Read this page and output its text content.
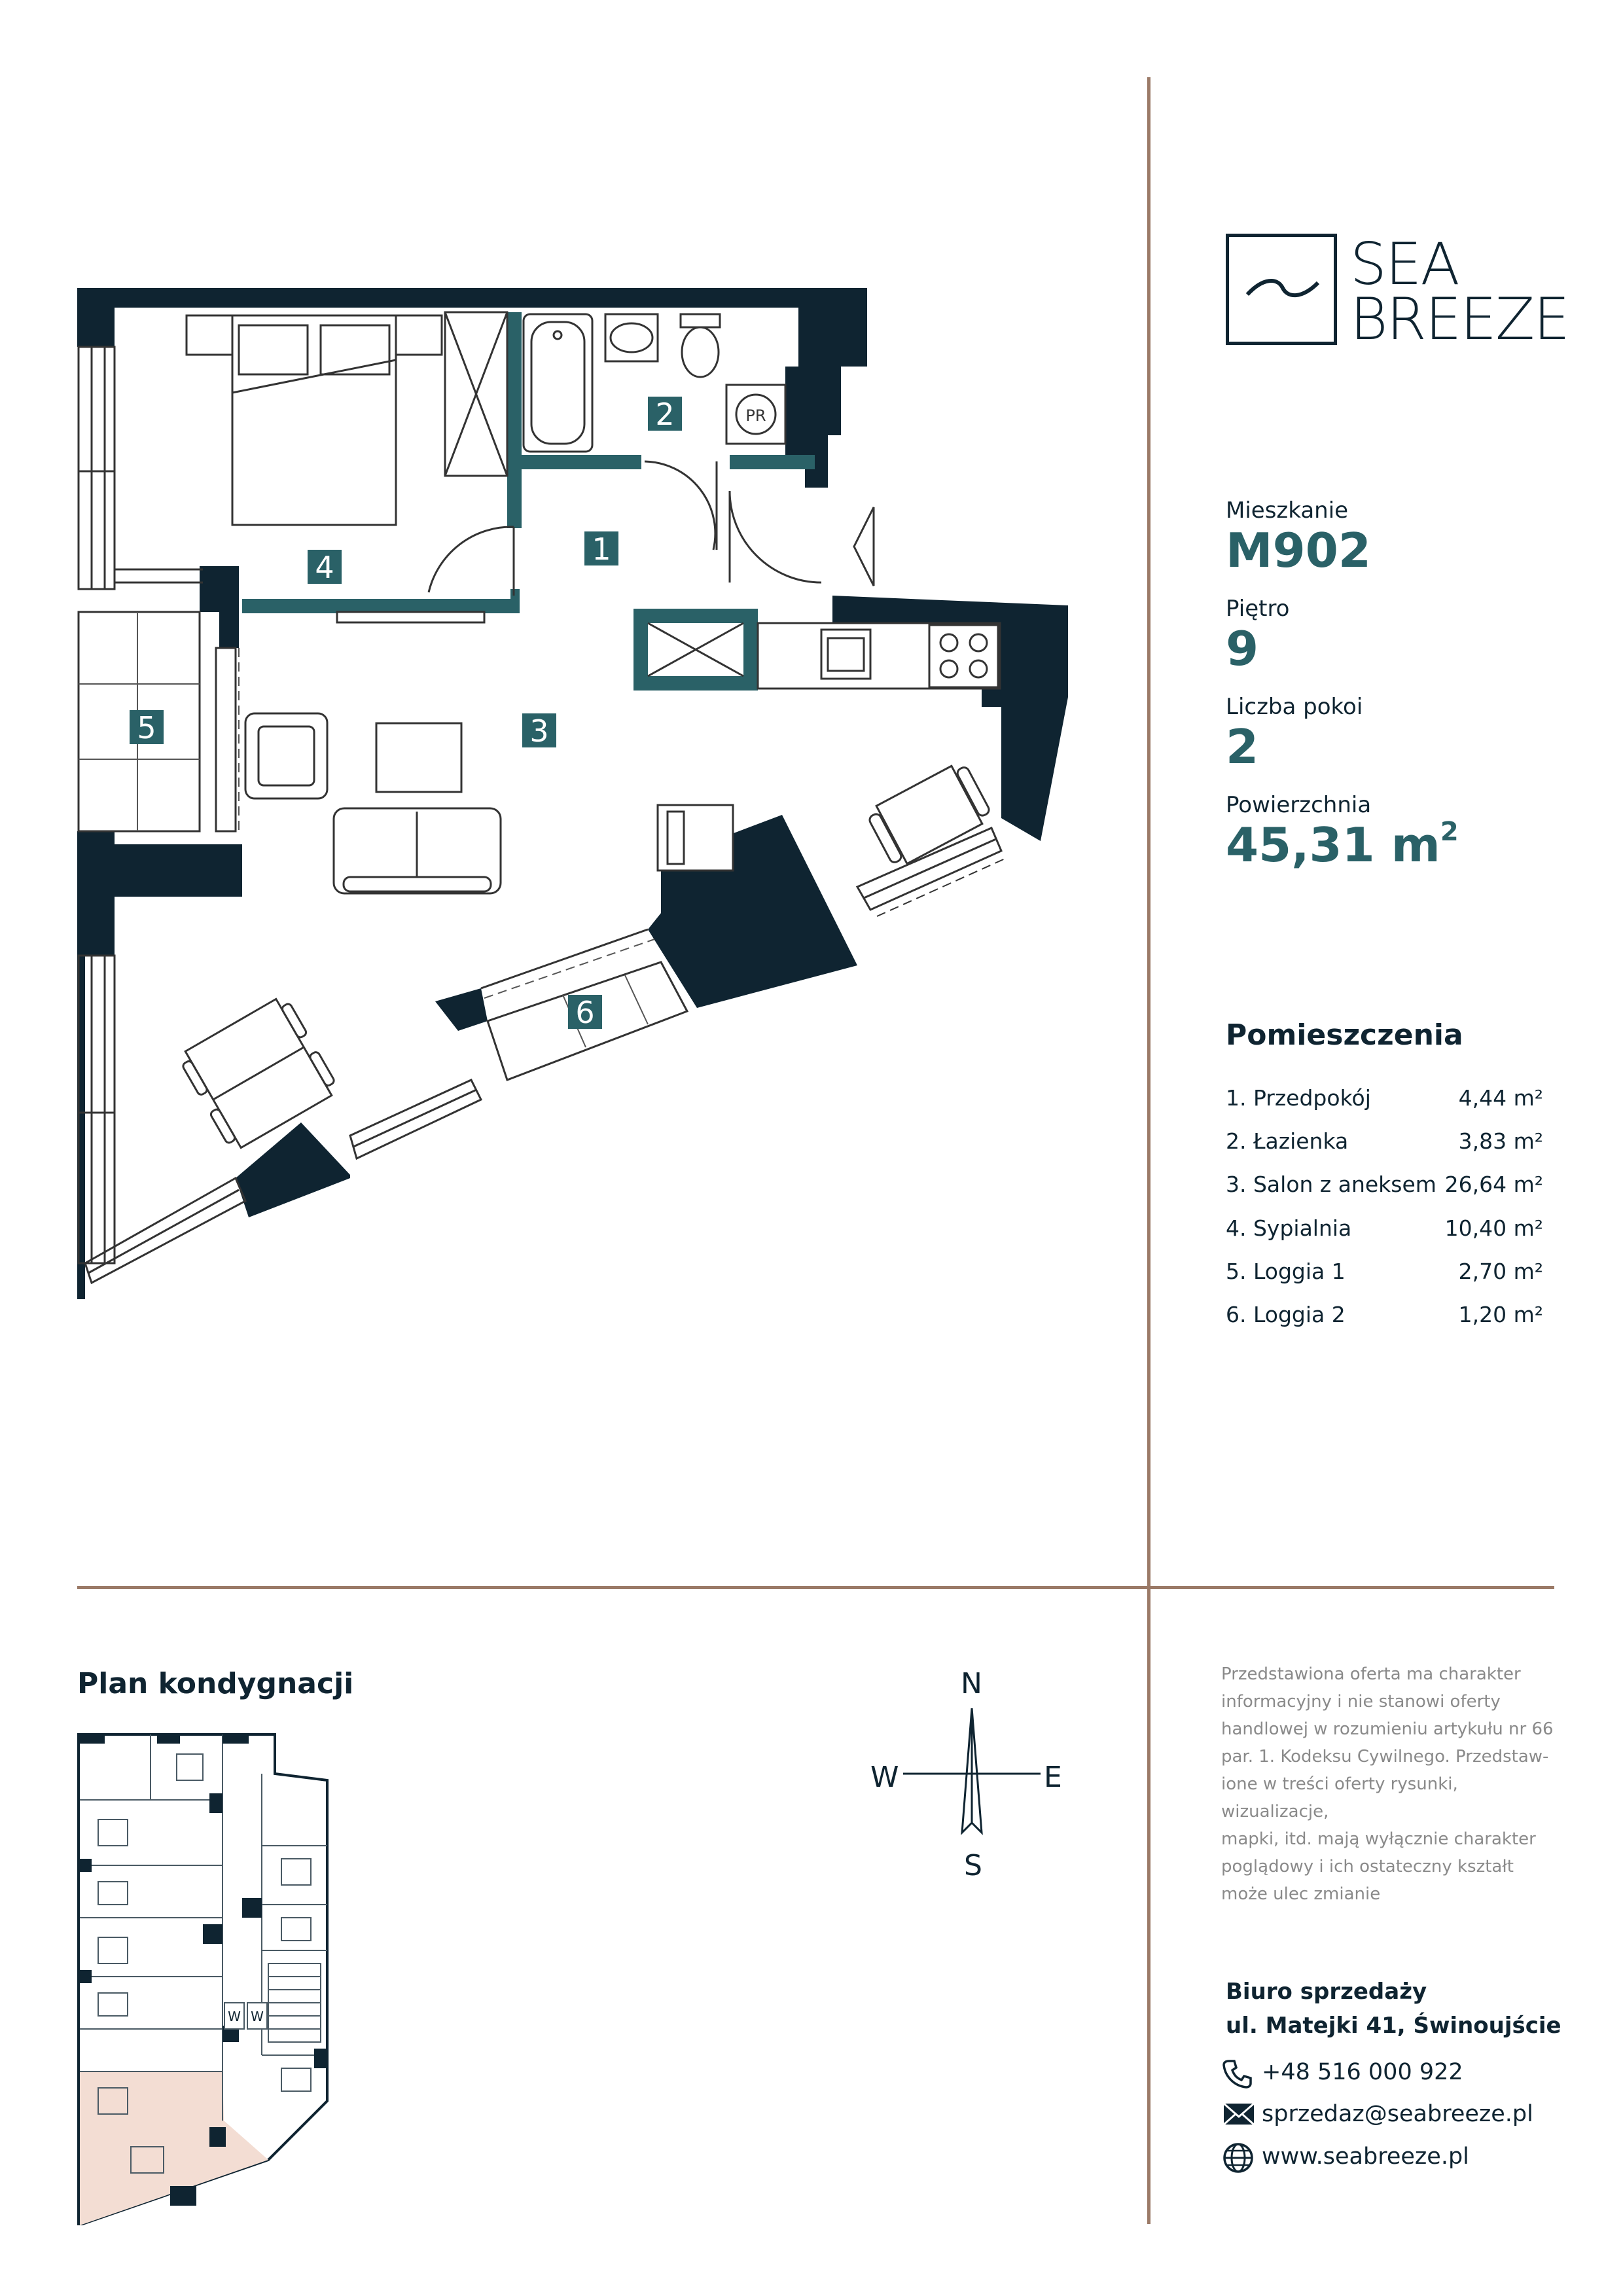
SEA
BREEZE
Mieszkanie
M902
Piętro
9
Liczba pokoi
2
Powierzchnia
45,31 $m^2$
Pomieszczenia
1. Przedpokój	4,44 m²
2. Łazienka	3,83 m²
3. Salon z aneksem 26,64 m²
4. Sypialnia	10,40 m²
5. Loggia 1	2,70 m²
6. Loggia 2	1,20 m²
1
2
3
4
5
6
PR
Plan kondygnacji
W W
N
S
W	E
Przedstawiona oferta ma charakter
informacyjny i nie stanowi oferty
handlowej w rozumieniu artykułu nr 66
par. 1. Kodeksu Cywilnego. Przedstaw-
ione w treści oferty rysunki, wizualizacje,
mapki, itd. mają wyłącznie charakter
poglądowy i ich ostateczny kształt
może ulec zmianie
Biuro sprzedaży
ul. Matejki 41, Świnoujście
+48 516 000 922
sprzedaz@seabreeze.pl
www.seabreeze.pl
